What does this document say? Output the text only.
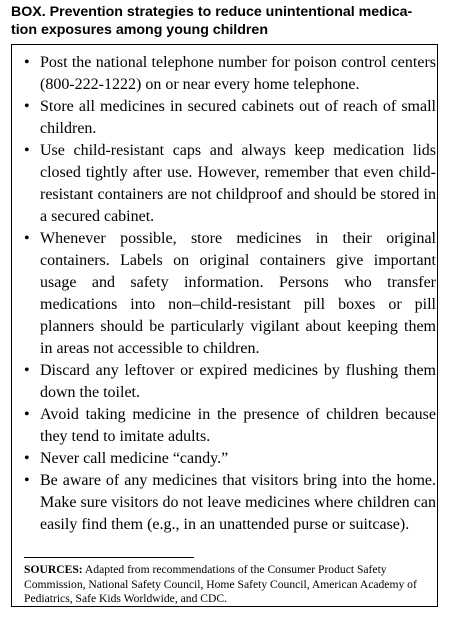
BOX. Prevention strategies to reduce unintentional medica-
tion exposures among young children
• Post the national telephone number for poison control centers (800-222-1222) on or near every home telephone.
• Store all medicines in secured cabinets out of reach of small children.
• Use child-resistant caps and always keep medication lids closed tightly after use. However, remember that even child-resistant containers are not childproof and should be stored in a secured cabinet.
• Whenever possible, store medicines in their original containers. Labels on original containers give important usage and safety information. Persons who transfer medications into non–child-resistant pill boxes or pill planners should be particularly vigilant about keeping them in areas not accessible to children.
• Discard any leftover or expired medicines by flushing them down the toilet.
• Avoid taking medicine in the presence of children because they tend to imitate adults.
• Never call medicine “candy.”
• Be aware of any medicines that visitors bring into the home. Make sure visitors do not leave medicines where children can easily find them (e.g., in an unattended purse or suitcase).

SOURCES: Adapted from recommendations of the Consumer Product Safety Commission, National Safety Council, Home Safety Council, American Academy of Pediatrics, Safe Kids Worldwide, and CDC.
